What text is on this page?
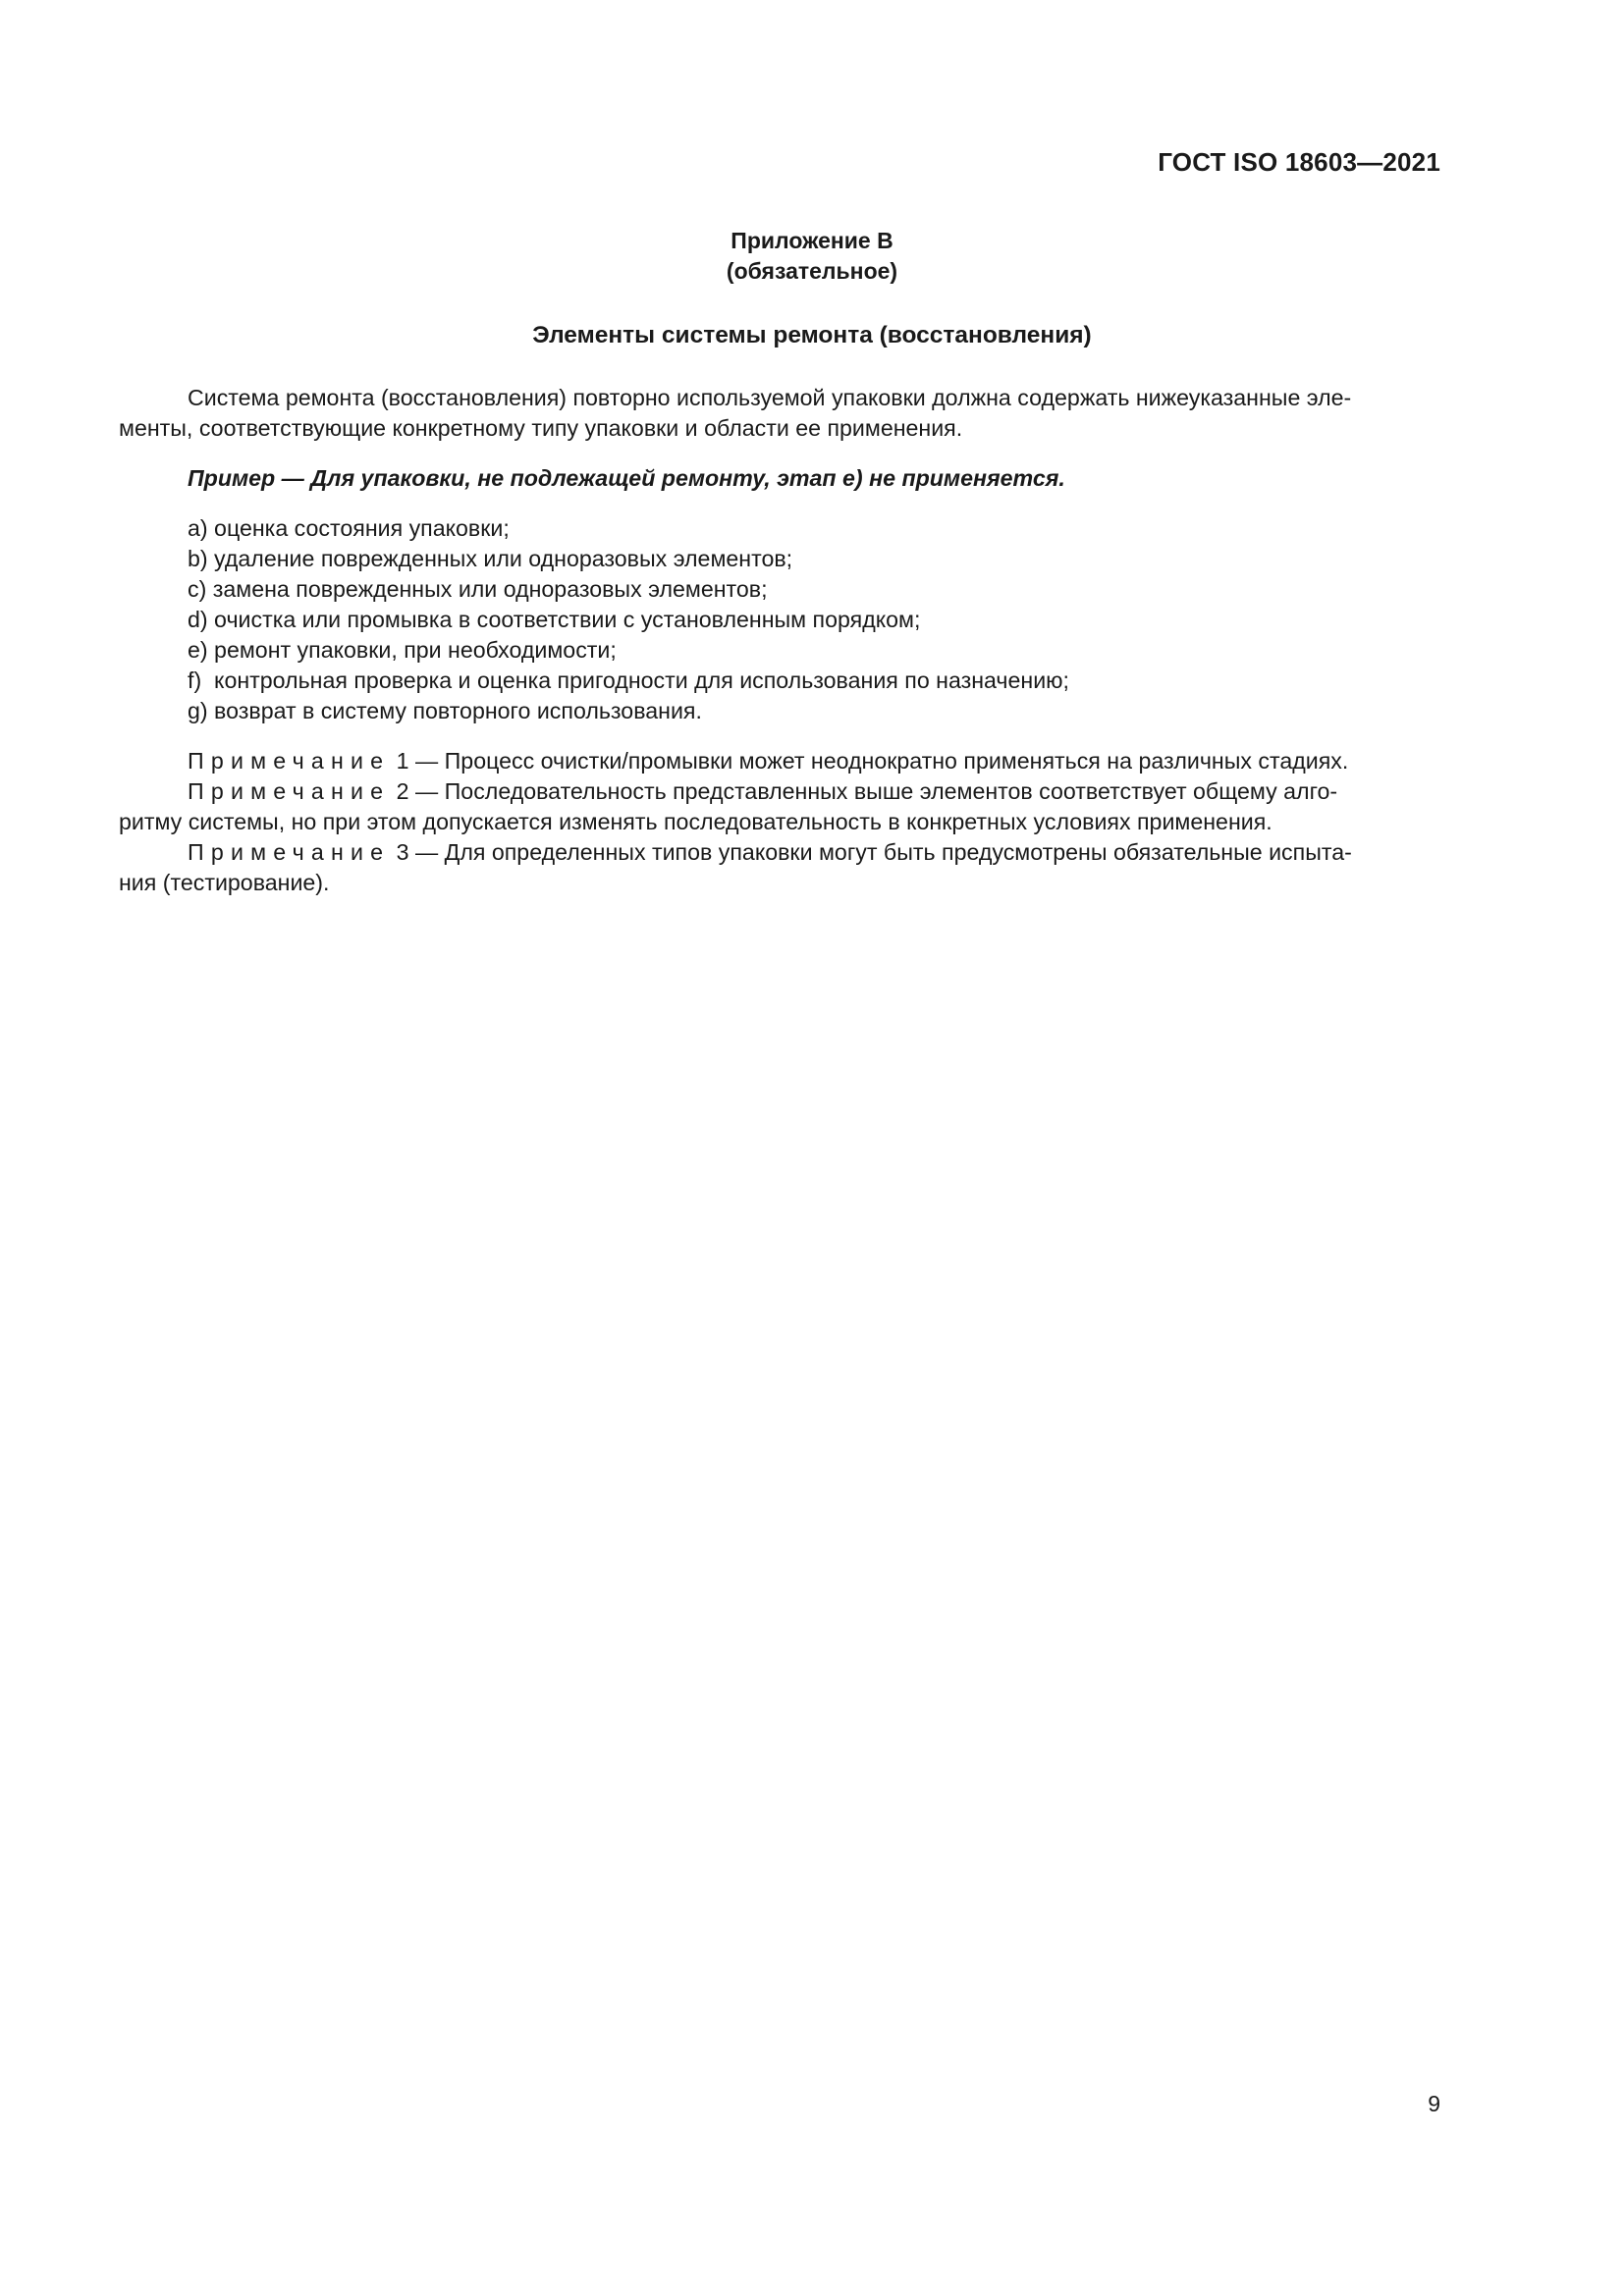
ГОСТ ISO 18603—2021
Приложение B
(обязательное)
Элементы системы ремонта (восстановления)

Система ремонта (восстановления) повторно используемой упаковки должна содержать нижеуказанные эле-
менты, соответствующие конкретному типу упаковки и области ее применения.

Пример — Для упаковки, не подлежащей ремонту, этап е) не применяется.

a) оценка состояния упаковки;
b) удаление поврежденных или одноразовых элементов;
c) замена поврежденных или одноразовых элементов;
d) очистка или промывка в соответствии с установленным порядком;
e) ремонт упаковки, при необходимости;
f)  контрольная проверка и оценка пригодности для использования по назначению;
g) возврат в систему повторного использования.

Примечание 1 — Процесс очистки/промывки может неоднократно применяться на различных стадиях.

Примечание 2 — Последовательность представленных выше элементов соответствует общему алго-
ритму системы, но при этом допускается изменять последовательность в конкретных условиях применения.

Примечание 3 — Для определенных типов упаковки могут быть предусмотрены обязательные испыта-
ния (тестирование).

9
